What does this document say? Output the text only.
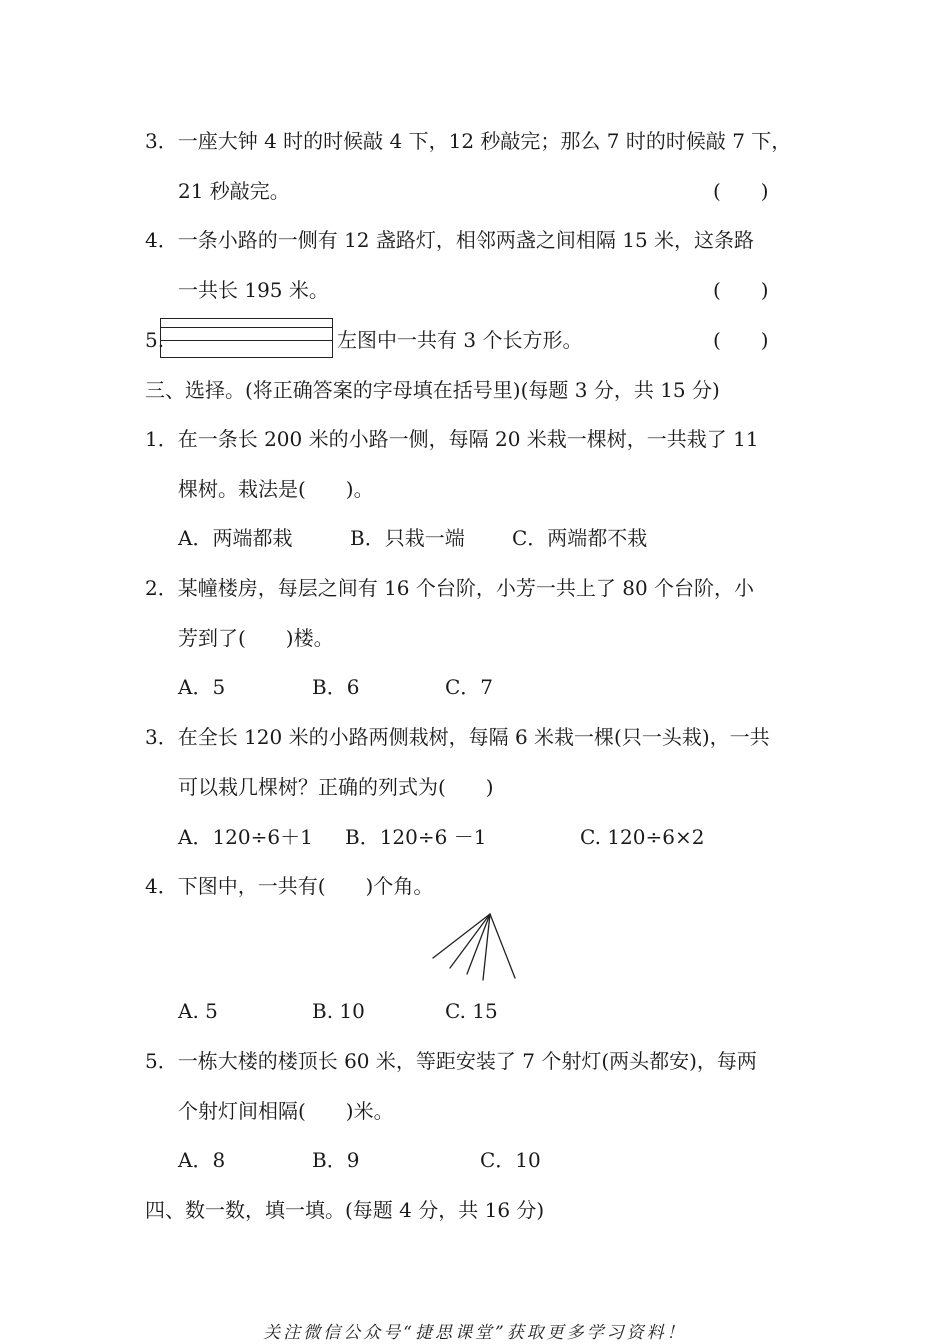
3．一座大钟 4 时的时候敲 4 下，12 秒敲完；那么 7 时的时候敲 7 下，
21 秒敲完。	(　　)
4．一条小路的一侧有 12 盏路灯，相邻两盏之间相隔 15 米，这条路
一共长 195 米。	(　　)
5.	左图中一共有 3 个长方形。	(　　)
三、选择。(将正确答案的字母填在括号里)(每题 3 分，共 15 分)
1．在一条长 200 米的小路一侧，每隔 20 米栽一棵树，一共栽了 11
棵树。栽法是(　　)。
A．两端都栽	B．只栽一端 C．两端都不栽
2．某幢楼房，每层之间有 16 个台阶，小芳一共上了 80 个台阶，小
芳到了(　　)楼。
A．5	B．6	C．7
3．在全长 120 米的小路两侧栽树，每隔 6 米栽一棵(只一头栽)，一共
可以栽几棵树？正确的列式为(　　)
A．120÷6＋1 B．120÷6 －1	C. 120÷6×2
4．下图中，一共有(　　)个角。
A. 5	B. 10	C. 15
5．一栋大楼的楼顶长 60 米，等距安装了 7 个射灯(两头都安)，每两
个射灯间相隔(　　)米。
A．8	B．9	C．10
四、数一数，填一填。(每题 4 分，共 16 分)
关注微信公众号“捷思课堂”获取更多学习资料！
